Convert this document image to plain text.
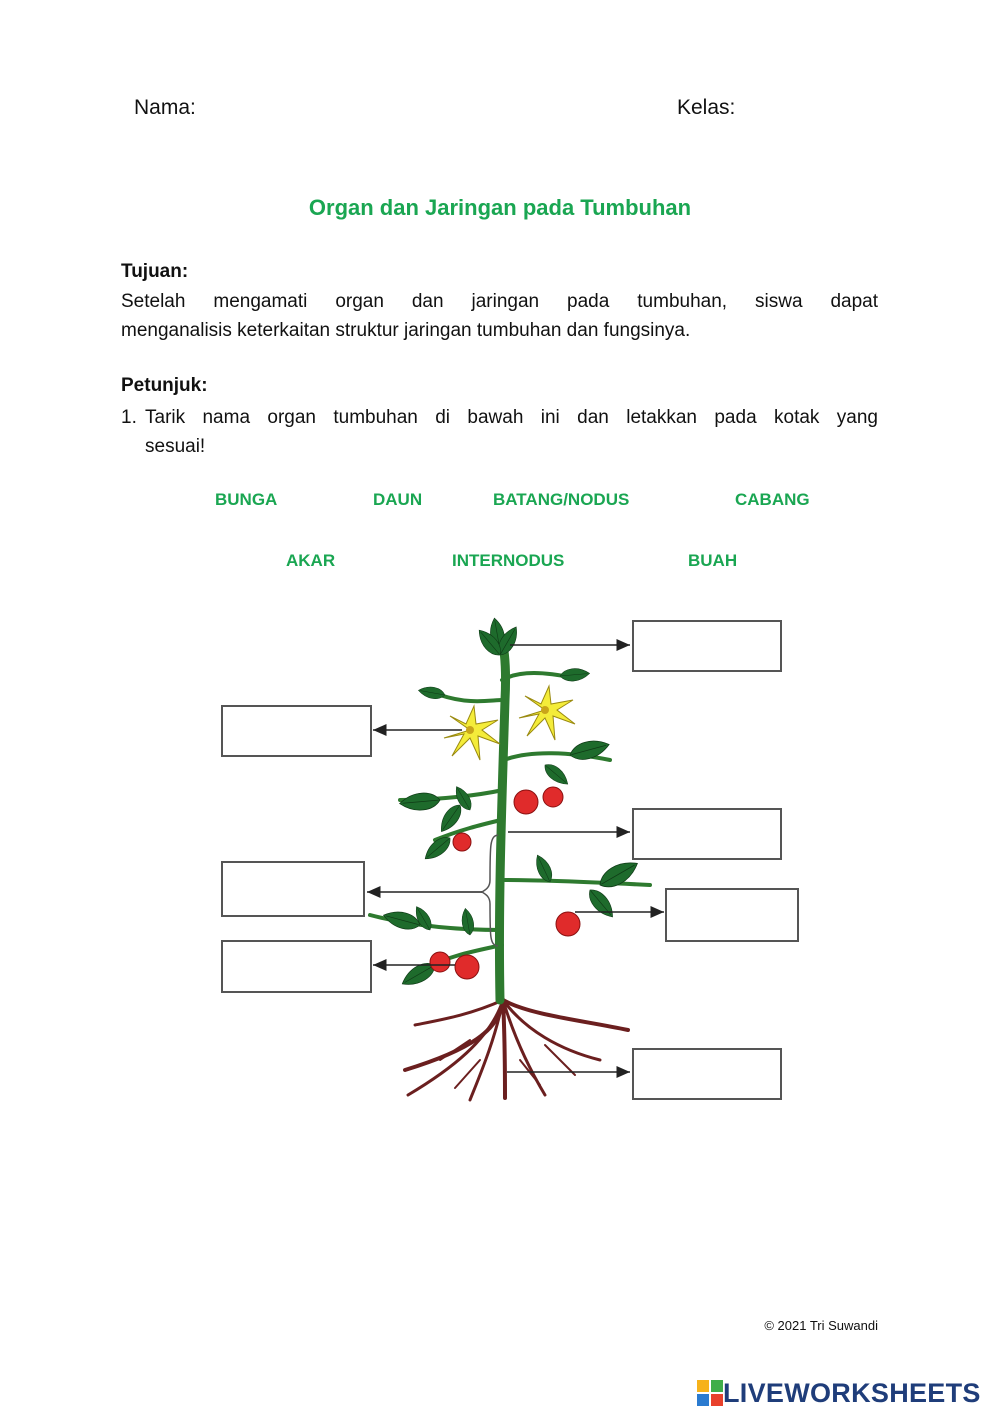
Nama:	Kelas:
Organ dan Jaringan pada Tumbuhan
Tujuan:
Setelah mengamati organ dan jaringan pada tumbuhan, siswa dapat
menganalisis keterkaitan struktur jaringan tumbuhan dan fungsinya.
Petunjuk:
1. Tarik nama organ tumbuhan di bawah ini dan letakkan pada kotak yang
sesuai!
BUNGA	DAUN	BATANG/NODUS	CABANG
AKAR	INTERNODUS	BUAH
© 2021 Tri Suwandi
LIVEWORKSHEETS
